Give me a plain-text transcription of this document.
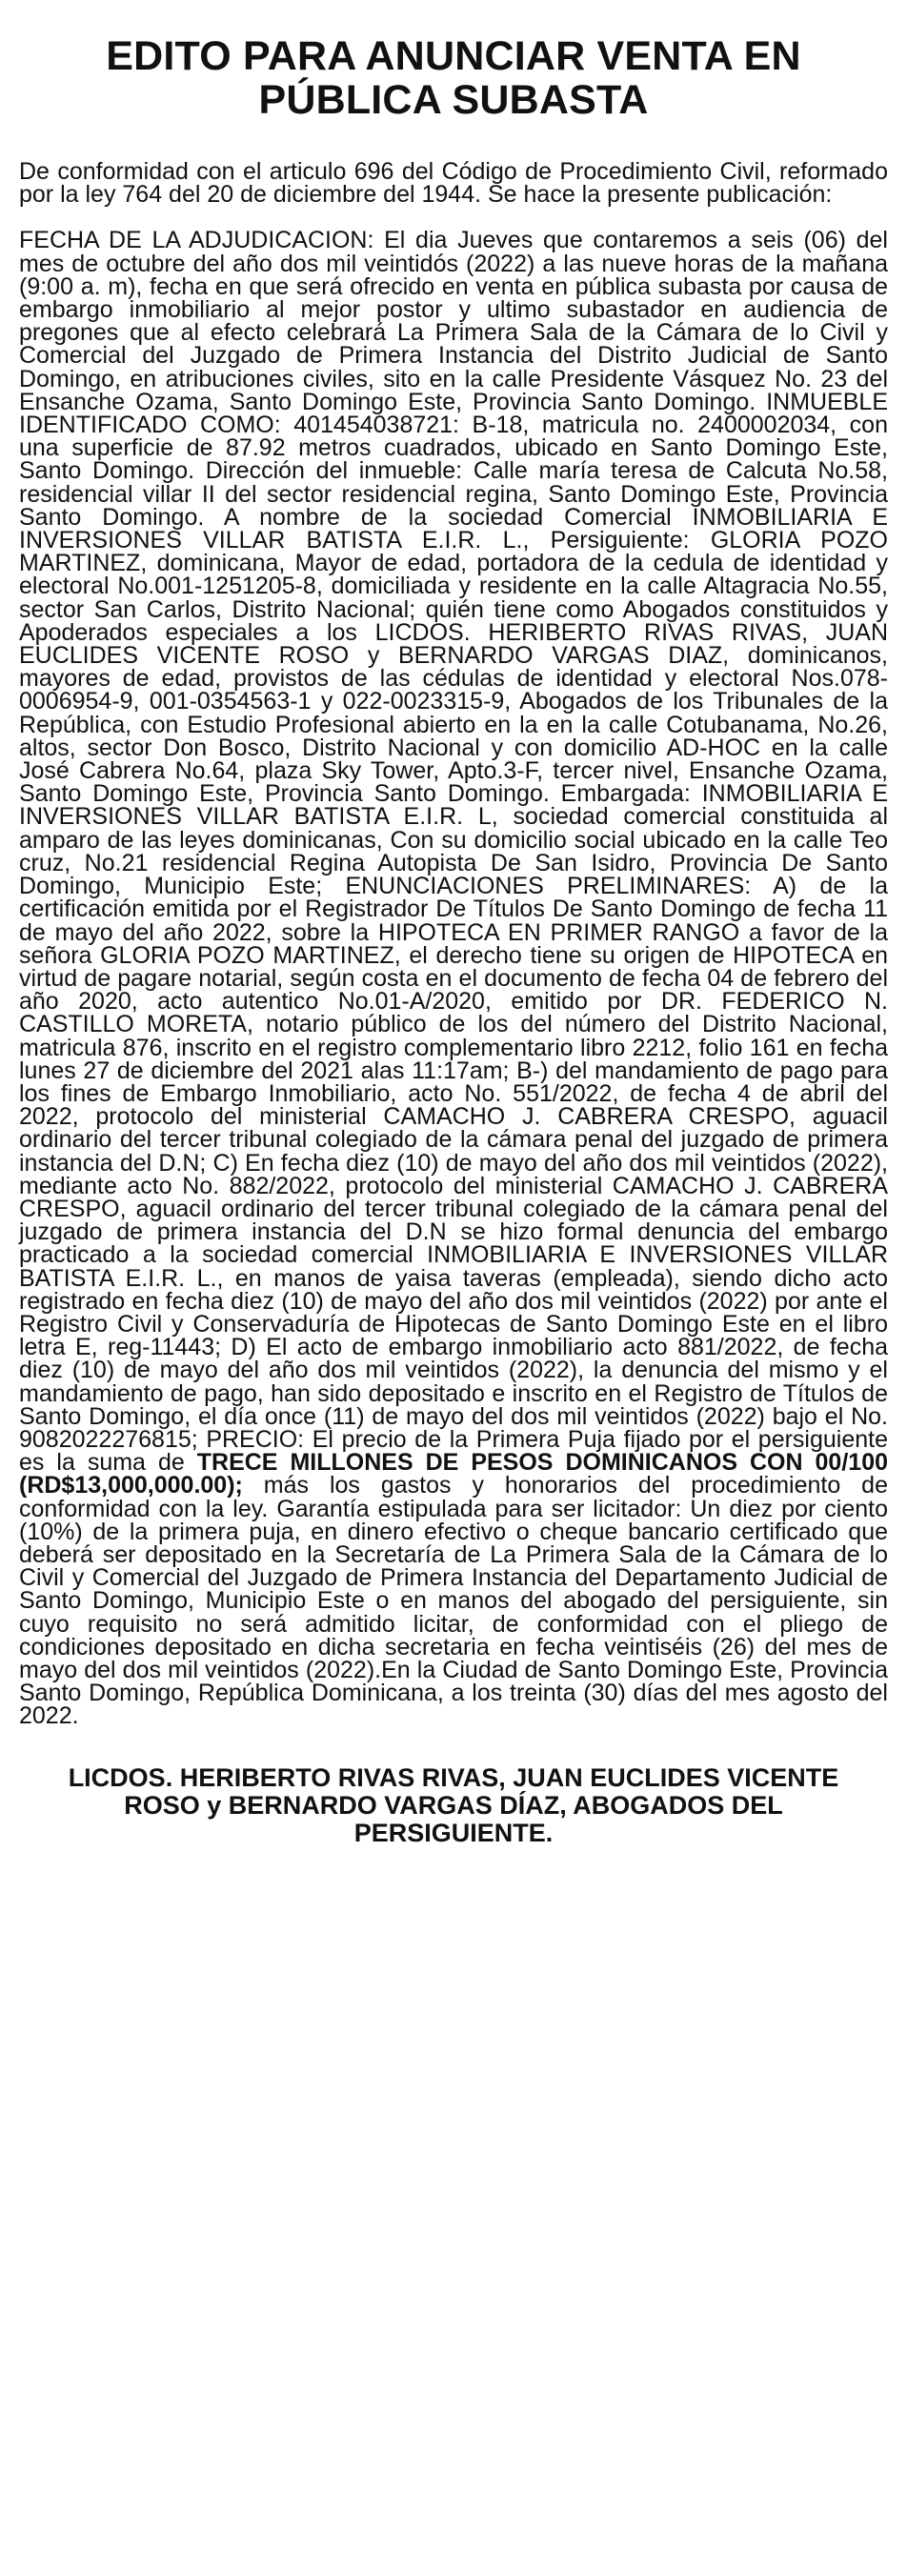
EDITO PARA ANUNCIAR VENTA EN
PÚBLICA SUBASTA

De conformidad con el articulo 696 del Código de Procedimiento Civil, reformado por la ley 764 del 20 de diciembre del 1944. Se hace la presente publicación:

FECHA DE LA ADJUDICACION: El dia Jueves que contaremos a seis (06) del mes de octubre del año dos mil veintidós (2022) a las nueve horas de la mañana (9:00 a. m), fecha en que será ofrecido en venta en pública subasta por causa de embargo inmobiliario al mejor postor y ultimo subastador en audiencia de pregones que al efecto celebrará La Primera Sala de la Cámara de lo Civil y Comercial del Juzgado de Primera Instancia del Distrito Judicial de Santo Domingo, en atribuciones civiles, sito en la calle Presidente Vásquez No. 23 del Ensanche Ozama, Santo Domingo Este, Provincia Santo Domingo. INMUEBLE IDENTIFICADO COMO: 401454038721: B-18, matricula no. 2400002034, con una superficie de 87.92 metros cuadrados, ubicado en Santo Domingo Este, Santo Domingo. Dirección del inmueble: Calle maría teresa de Calcuta No.58, residencial villar II del sector residencial regina, Santo Domingo Este, Provincia Santo Domingo. A nombre de la sociedad Comercial INMOBILIARIA E INVERSIONES VILLAR BATISTA E.I.R. L., Persiguiente: GLORIA POZO MARTINEZ, dominicana, Mayor de edad, portadora de la cedula de identidad y electoral No.001-1251205-8, domiciliada y residente en la calle Altagracia No.55, sector San Carlos, Distrito Nacional; quién tiene como Abogados constituidos y Apoderados especiales a los LICDOS. HERIBERTO RIVAS RIVAS, JUAN EUCLIDES VICENTE ROSO y BERNARDO VARGAS DIAZ, dominicanos, mayores de edad, provistos de las cédulas de identidad y electoral Nos.078-0006954-9, 001-0354563-1 y 022-0023315-9, Abogados de los Tribunales de la República, con Estudio Profesional abierto en la en la calle Cotubanama, No.26, altos, sector Don Bosco, Distrito Nacional y con domicilio AD-HOC en la calle José Cabrera No.64, plaza Sky Tower, Apto.3-F, tercer nivel, Ensanche Ozama, Santo Domingo Este, Provincia Santo Domingo. Embargada: INMOBILIARIA E INVERSIONES VILLAR BATISTA E.I.R. L, sociedad comercial constituida al amparo de las leyes dominicanas, Con su domicilio social ubicado en la calle Teo cruz, No.21 residencial Regina Autopista De San Isidro, Provincia De Santo Domingo, Municipio Este; ENUNCIACIONES PRELIMINARES: A) de la certificación emitida por el Registrador De Títulos De Santo Domingo de fecha 11 de mayo del año 2022, sobre la HIPOTECA EN PRIMER RANGO a favor de la señora GLORIA POZO MARTINEZ, el derecho tiene su origen de HIPOTECA en virtud de pagare notarial, según costa en el documento de fecha 04 de febrero del año 2020, acto autentico No.01-A/2020, emitido por DR. FEDERICO N. CASTILLO MORETA, notario público de los del número del Distrito Nacional, matricula 876, inscrito en el registro complementario libro 2212, folio 161 en fecha lunes 27 de diciembre del 2021 alas 11:17am; B-) del mandamiento de pago para los fines de Embargo Inmobiliario, acto No. 551/2022, de fecha 4 de abril del 2022, protocolo del ministerial CAMACHO J. CABRERA CRESPO, aguacil ordinario del tercer tribunal colegiado de la cámara penal del juzgado de primera instancia del D.N; C) En fecha diez (10) de mayo del año dos mil veintidos (2022), mediante acto No. 882/2022, protocolo del ministerial CAMACHO J. CABRERA CRESPO, aguacil ordinario del tercer tribunal colegiado de la cámara penal del juzgado de primera instancia del D.N se hizo formal denuncia del embargo practicado a la sociedad comercial INMOBILIARIA E INVERSIONES VILLAR BATISTA E.I.R. L., en manos de yaisa taveras (empleada), siendo dicho acto registrado en fecha diez (10) de mayo del año dos mil veintidos (2022) por ante el Registro Civil y Conservaduría de Hipotecas de Santo Domingo Este en el libro letra E, reg-11443; D) El acto de embargo inmobiliario acto 881/2022, de fecha diez (10) de mayo del año dos mil veintidos (2022), la denuncia del mismo y el mandamiento de pago, han sido depositado e inscrito en el Registro de Títulos de Santo Domingo, el día once (11) de mayo del dos mil veintidos (2022) bajo el No. 9082022276815; PRECIO: El precio de la Primera Puja fijado por el persiguiente es la suma de TRECE MILLONES DE PESOS DOMINICANOS CON 00/100 (RD$13,000,000.00); más los gastos y honorarios del procedimiento de conformidad con la ley. Garantía estipulada para ser licitador: Un diez por ciento (10%) de la primera puja, en dinero efectivo o cheque bancario certificado que deberá ser depositado en la Secretaría de La Primera Sala de la Cámara de lo Civil y Comercial del Juzgado de Primera Instancia del Departamento Judicial de Santo Domingo, Municipio Este o en manos del abogado del persiguiente, sin cuyo requisito no será admitido licitar, de conformidad con el pliego de condiciones depositado en dicha secretaria en fecha veintiséis (26) del mes de mayo del dos mil veintidos (2022).En la Ciudad de Santo Domingo Este, Provincia Santo Domingo, República Dominicana, a los treinta (30) días del mes agosto del 2022.

LICDOS. HERIBERTO RIVAS RIVAS, JUAN EUCLIDES VICENTE ROSO y BERNARDO VARGAS DÍAZ, ABOGADOS DEL PERSIGUIENTE.
